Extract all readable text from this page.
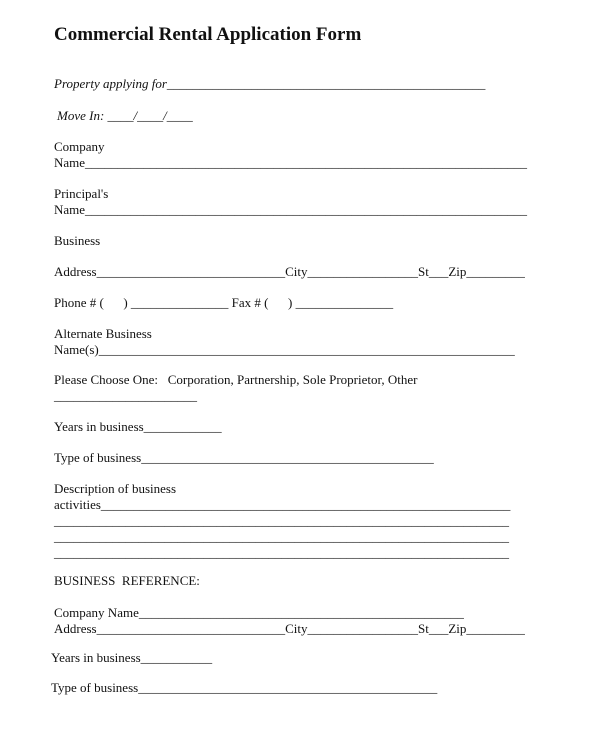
Commercial Rental Application Form
Property applying for_________________________________________________
Move In: ____/____/____
Company
Name____________________________________________________________________
Principal's
Name____________________________________________________________________
Business
Address_____________________________City_________________St___Zip_________
Phone # (      ) _______________ Fax # (      ) _______________
Alternate Business
Name(s)________________________________________________________________
Please Choose One:   Corporation, Partnership, Sole Proprietor, Other
______________________
Years in business____________
Type of business_____________________________________________
Description of business
activities_______________________________________________________________
______________________________________________________________________
______________________________________________________________________
______________________________________________________________________
BUSINESS  REFERENCE:
Company Name__________________________________________________
Address_____________________________City_________________St___Zip_________
Years in business___________
Type of business______________________________________________
